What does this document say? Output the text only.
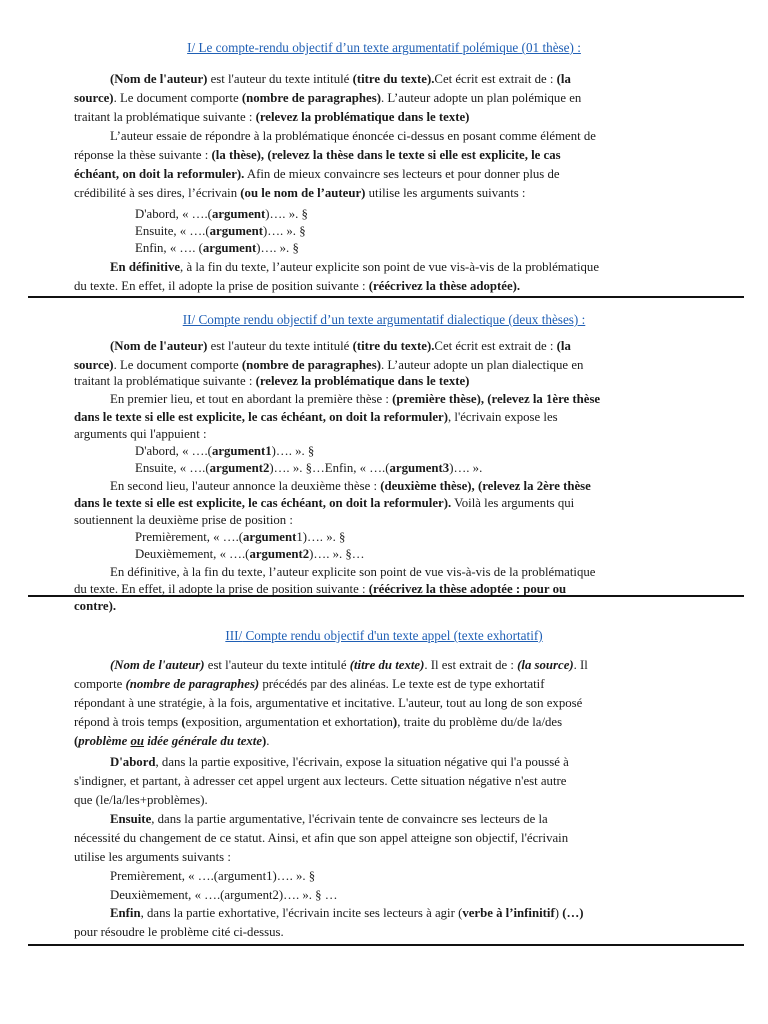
I/ Le compte-rendu objectif d’un texte argumentatif polémique (01 thèse) :
(Nom de l'auteur) est l'auteur du texte intitulé (titre du texte).Cet écrit est extrait de : (la
source). Le document comporte (nombre de paragraphes). L’auteur adopte un plan polémique en
traitant la problématique suivante : (relevez la problématique dans le texte)
L’auteur essaie de répondre à la problématique énoncée ci-dessus en posant comme élément de
réponse la thèse suivante : (la thèse), (relevez la thèse dans le texte si elle est explicite, le cas
échéant, on doit la reformuler). Afin de mieux convaincre ses lecteurs et pour donner plus de
crédibilité à ses dires, l’écrivain (ou le nom de l’auteur) utilise les arguments suivants :
D'abord, « ….(argument)…. ». §
Ensuite, « ….(argument)…. ». §
Enfin, « …. (argument)…. ». §
En définitive, à la fin du texte, l’auteur explicite son point de vue vis-à-vis de la problématique
du texte. En effet, il adopte la prise de position suivante : (réécrivez la thèse adoptée).
II/ Compte rendu objectif d’un texte argumentatif dialectique (deux thèses) :
(Nom de l'auteur) est l'auteur du texte intitulé (titre du texte).Cet écrit est extrait de : (la
source). Le document comporte (nombre de paragraphes). L’auteur adopte un plan dialectique en
traitant la problématique suivante : (relevez la problématique dans le texte)
En premier lieu, et tout en abordant la première thèse : (première thèse), (relevez la 1ère thèse
dans le texte si elle est explicite, le cas échéant, on doit la reformuler), l'écrivain expose les
arguments qui l'appuient :
D'abord, « ….(argument1)…. ». §
Ensuite, « ….(argument2)…. ». §…Enfin, « ….(argument3)…. ».
En second lieu, l'auteur annonce la deuxième thèse : (deuxième thèse), (relevez la 2ère thèse
dans le texte si elle est explicite, le cas échéant, on doit la reformuler). Voilà les arguments qui
soutiennent la deuxième prise de position :
Premièrement, « ….(argument1)…. ». §
Deuxièmement, « ….(argument2)…. ». §…
En définitive, à la fin du texte, l’auteur explicite son point de vue vis-à-vis de la problématique
du texte. En effet, il adopte la prise de position suivante : (réécrivez la thèse adoptée : pour ou
contre).
III/ Compte rendu objectif d'un texte appel (texte exhortatif)
(Nom de l'auteur) est l'auteur du texte intitulé (titre du texte). Il est extrait de : (la source). Il
comporte (nombre de paragraphes) précédés par des alinéas. Le texte est de type exhortatif
répondant à une stratégie, à la fois, argumentative et incitative. L'auteur, tout au long de son exposé
répond à trois temps (exposition, argumentation et exhortation), traite du problème du/de la/des
(problème ou idée générale du texte).
D'abord, dans la partie expositive, l'écrivain, expose la situation négative qui l'a poussé à
s'indigner, et partant, à adresser cet appel urgent aux lecteurs. Cette situation négative n'est autre
que (le/la/les+problèmes).
Ensuite, dans la partie argumentative, l'écrivain tente de convaincre ses lecteurs de la
nécessité du changement de ce statut. Ainsi, et afin que son appel atteigne son objectif, l'écrivain
utilise les arguments suivants :
Premièrement, « ….(argument1)…. ». §
Deuxièmement, « ….(argument2)…. ». § …
Enfin, dans la partie exhortative, l'écrivain incite ses lecteurs à agir (verbe à l’infinitif) (…)
pour résoudre le problème cité ci-dessus.
